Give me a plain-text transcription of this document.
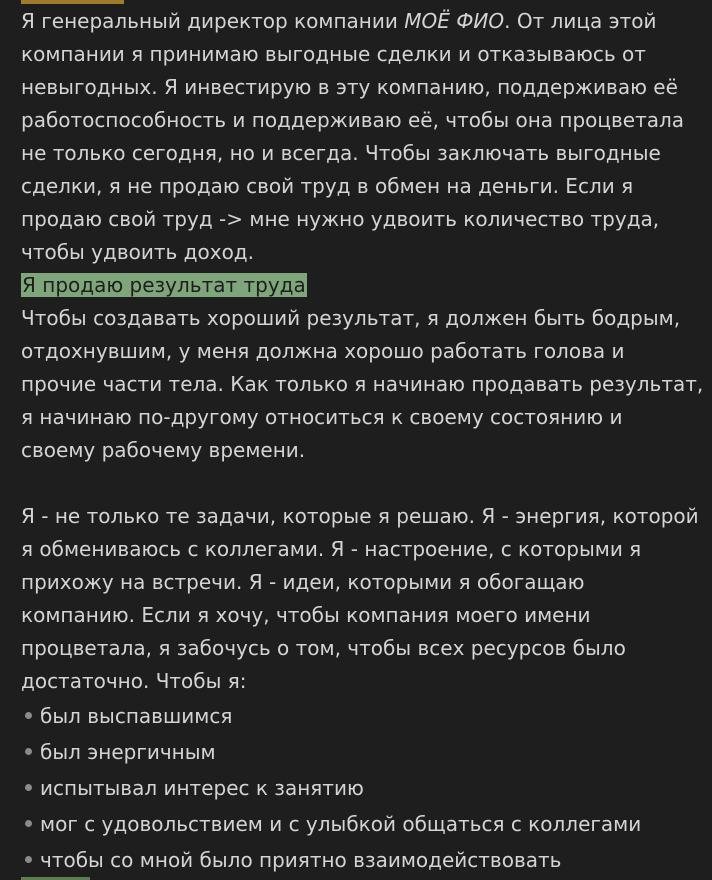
Я генеральный директор компании МОЁ ФИО. От лица этой
компании я принимаю выгодные сделки и отказываюсь от
невыгодных. Я инвестирую в эту компанию, поддерживаю её
работоспособность и поддерживаю её, чтобы она процветала
не только сегодня, но и всегда. Чтобы заключать выгодные
сделки, я не продаю свой труд в обмен на деньги. Если я
продаю свой труд -> мне нужно удвоить количество труда,
чтобы удвоить доход.
Я продаю результат труда
Чтобы создавать хороший результат, я должен быть бодрым,
отдохнувшим, у меня должна хорошо работать голова и
прочие части тела. Как только я начинаю продавать результат,
я начинаю по-другому относиться к своему состоянию и
своему рабочему времени.
Я - не только те задачи, которые я решаю. Я - энергия, которой
я обмениваюсь с коллегами. Я - настроение, с которыми я
прихожу на встречи. Я - идеи, которыми я обогащаю
компанию. Если я хочу, чтобы компания моего имени
процветала, я забочусь о том, чтобы всех ресурсов было
достаточно. Чтобы я:
был выспавшимся
был энергичным
испытывал интерес к занятию
мог с удовольствием и с улыбкой общаться с коллегами
чтобы со мной было приятно взаимодействовать
